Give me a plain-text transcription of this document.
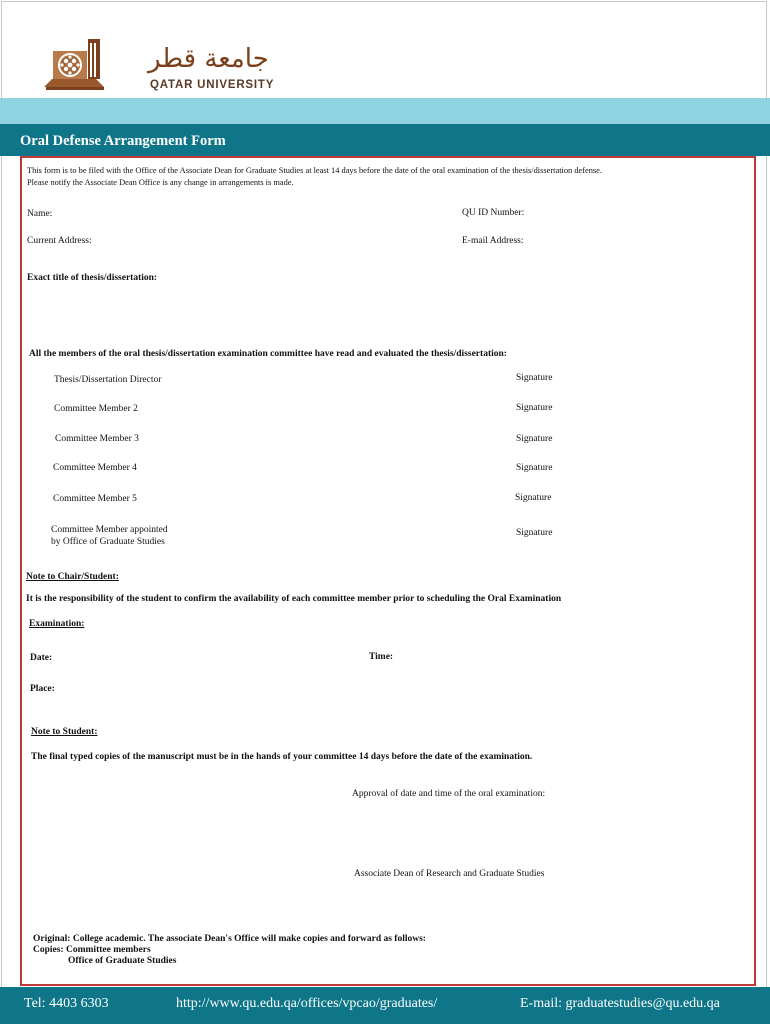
جامعة قطر
QATAR UNIVERSITY
Oral Defense Arrangement Form
This form is to be filed with the Office of the Associate Dean for Graduate Studies at least 14 days before the date of the oral examination of the thesis/dissertation defense.
Please notify the Associate Dean Office is any change in arrangements is made.
Name:	QU ID Number:
Current Address:	E-mail Address:
Exact title of thesis/dissertation:
All the members of the oral thesis/dissertation examination committee have read and evaluated the thesis/dissertation:
Thesis/Dissertation Director	Signature
Committee Member 2	Signature
Committee Member 3	Signature
Committee Member 4	Signature
Committee Member 5	Signature
Committee Member appointed
by Office of Graduate Studies
Signature
Note to Chair/Student:
It is the responsibility of the student to confirm the availability of each committee member prior to scheduling the Oral Examination
Examination:
Date:	Time:
Place:
Note to Student:
The final typed copies of the manuscript must be in the hands of your committee 14 days before the date of the examination.
Approval of date and time of the oral examination:
Associate Dean of Research and Graduate Studies
Original: College academic. The associate Dean's Office will make copies and forward as follows:
Copies: Committee members
Office of Graduate Studies
Tel: 4403 6303	http://www.qu.edu.qa/offices/vpcao/graduates/	E-mail: graduatestudies@qu.edu.qa
